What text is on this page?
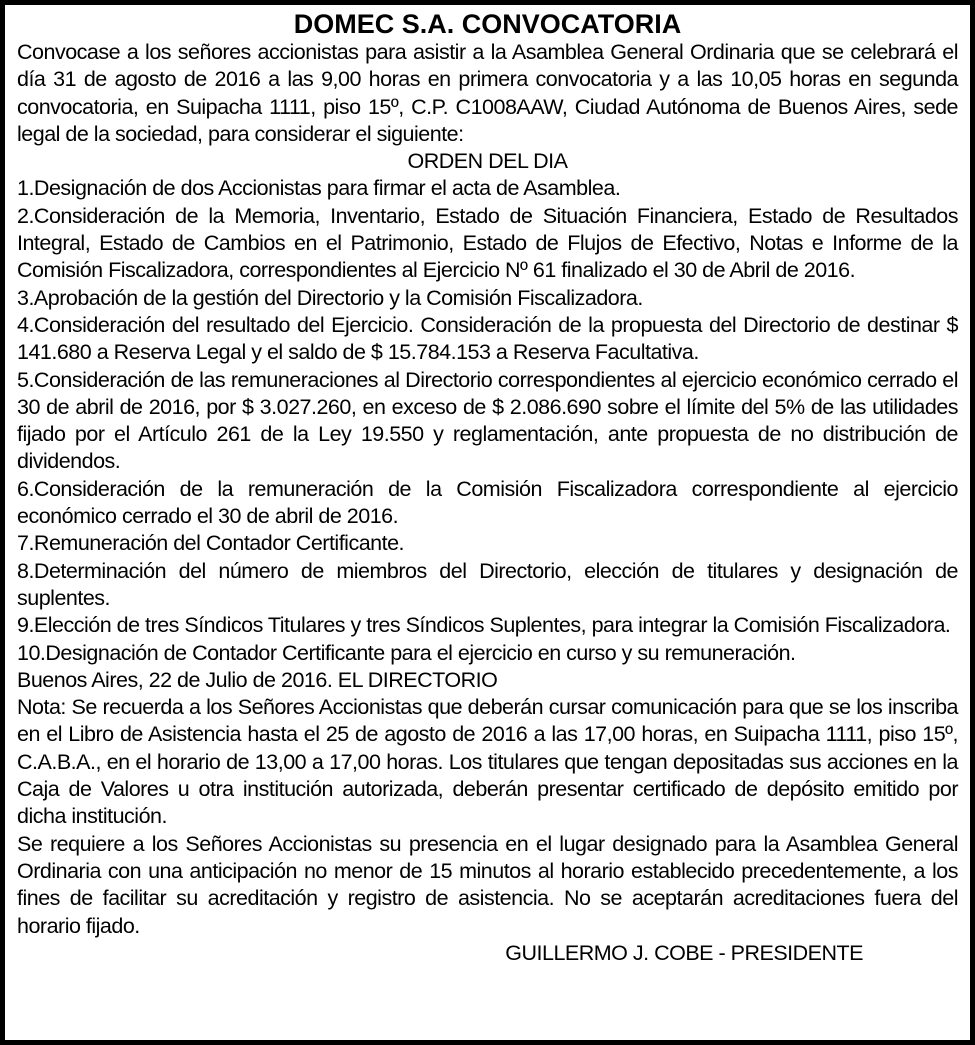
DOMEC S.A. CONVOCATORIA

Convocase a los señores accionistas para asistir a la Asamblea General Ordinaria que se celebrará el día 31 de agosto de 2016 a las 9,00 horas en primera convocatoria y a las 10,05 horas en segunda convocatoria, en Suipacha 1111, piso 15º, C.P. C1008AAW, Ciudad Autónoma de Buenos Aires, sede legal de la sociedad, para considerar el siguiente:

ORDEN DEL DIA

1.Designación de dos Accionistas para firmar el acta de Asamblea.
2.Consideración de la Memoria, Inventario, Estado de Situación Financiera, Estado de Resultados Integral, Estado de Cambios en el Patrimonio, Estado de Flujos de Efectivo, Notas e Informe de la Comisión Fiscalizadora, correspondientes al Ejercicio Nº 61 finalizado el 30 de Abril de 2016.
3.Aprobación de la gestión del Directorio y la Comisión Fiscalizadora.
4.Consideración del resultado del Ejercicio. Consideración de la propuesta del Directorio de destinar $ 141.680 a Reserva Legal y el saldo de $ 15.784.153 a Reserva Facultativa.
5.Consideración de las remuneraciones al Directorio correspondientes al ejercicio económico cerrado el 30 de abril de 2016, por $ 3.027.260, en exceso de $ 2.086.690 sobre el límite del 5% de las utilidades fijado por el Artículo 261 de la Ley 19.550 y reglamentación, ante propuesta de no distribución de dividendos.
6.Consideración de la remuneración de la Comisión Fiscalizadora correspondiente al ejercicio económico cerrado el 30 de abril de 2016.
7.Remuneración del Contador Certificante.
8.Determinación del número de miembros del Directorio, elección de titulares y designación de suplentes.
9.Elección de tres Síndicos Titulares y tres Síndicos Suplentes, para integrar la Comisión Fiscalizadora.
10.Designación de Contador Certificante para el ejercicio en curso y su remuneración.

Buenos Aires, 22 de Julio de 2016. EL DIRECTORIO

Nota: Se recuerda a los Señores Accionistas que deberán cursar comunicación para que se los inscriba en el Libro de Asistencia hasta el 25 de agosto de 2016 a las 17,00 horas, en Suipacha 1111, piso 15º, C.A.B.A., en el horario de 13,00 a 17,00 horas. Los titulares que tengan depositadas sus acciones en la Caja de Valores u otra institución autorizada, deberán presentar certificado de depósito emitido por dicha institución.

Se requiere a los Señores Accionistas su presencia en el lugar designado para la Asamblea General Ordinaria con una anticipación no menor de 15 minutos al horario establecido precedentemente, a los fines de facilitar su acreditación y registro de asistencia. No se aceptarán acreditaciones fuera del horario fijado.

GUILLERMO J. COBE - PRESIDENTE
